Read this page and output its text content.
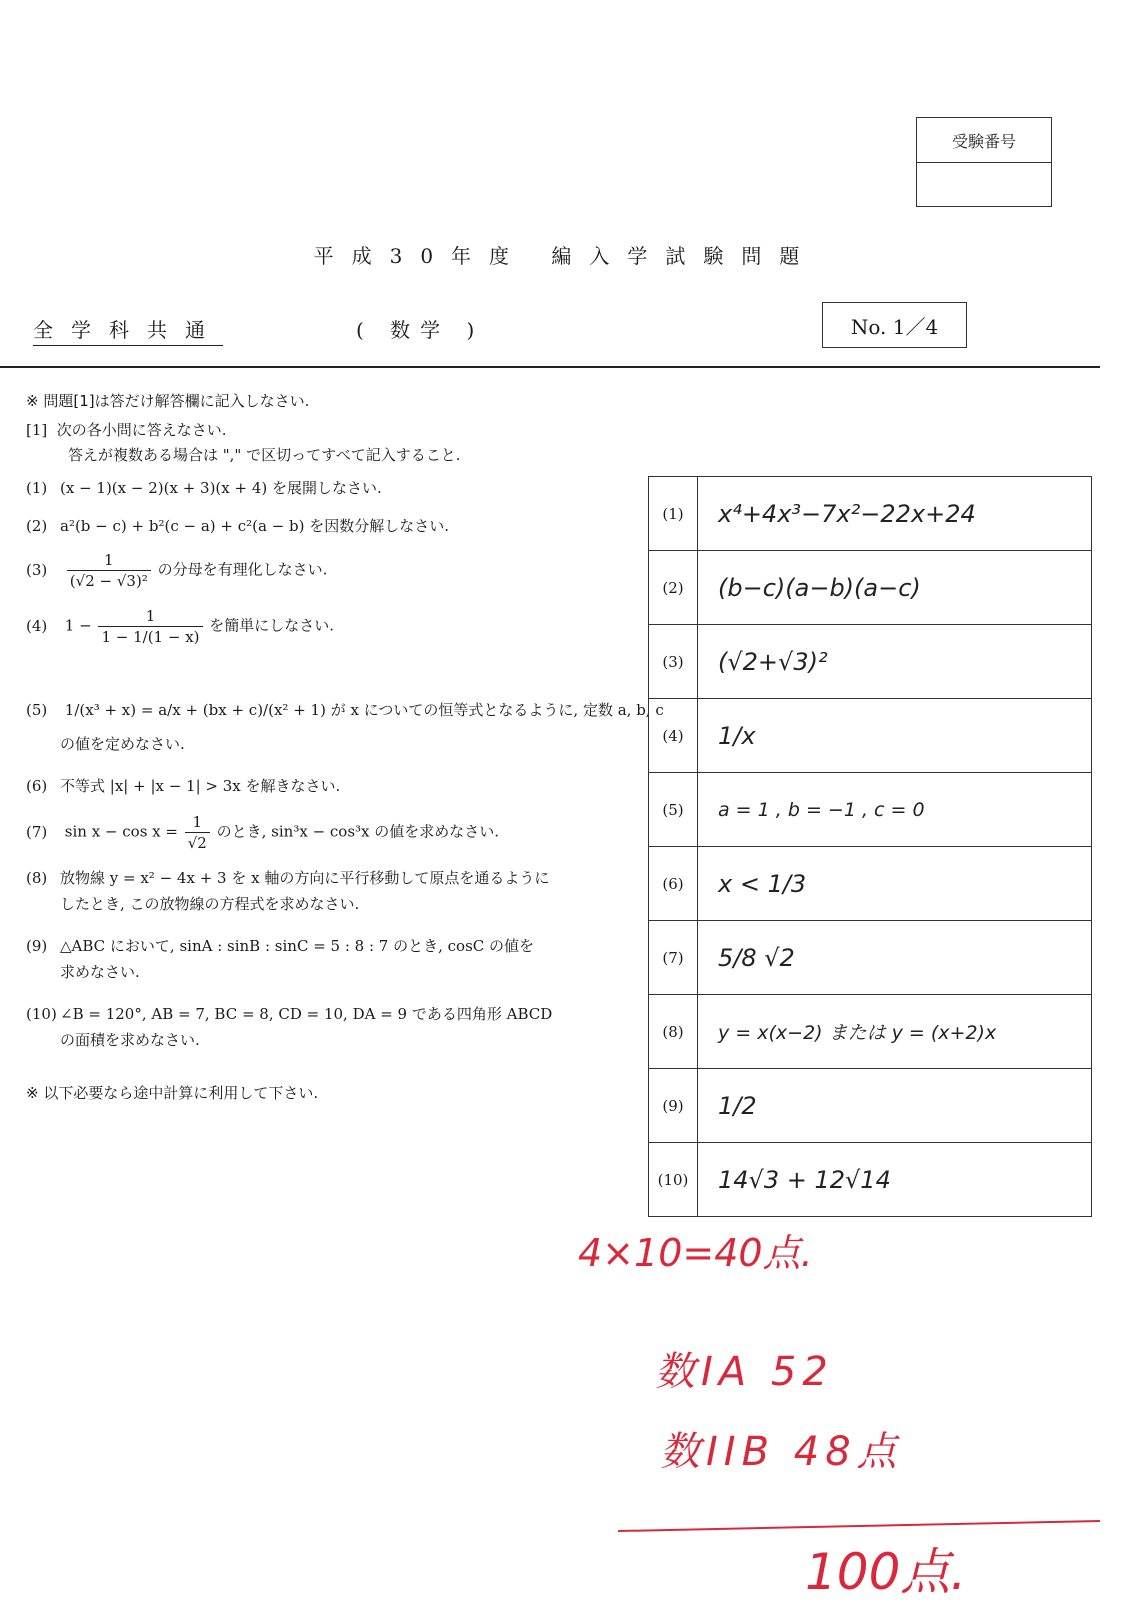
受験番号
平成30年度 編入学試験問題
全学科共通	( 数学 )	No. 1／4
※ 問題[1]は答だけ解答欄に記入しなさい.
[1] 次の各小問に答えなさい.
答えが複数ある場合は "," で区切ってすべて記入すること.
(1) (x − 1)(x − 2)(x + 3)(x + 4) を展開しなさい.
(2) a²(b − c) + b²(c − a) + c²(a − b) を因数分解しなさい.
$(3) \frac{1}{\text{(√2 − √3)²}}$ の分母を有理化しなさい.
(4) $1 - \frac{1}{1 - 1/(1 - x)}$ を簡単にしなさい.
(5) 1/(x³ + x) = a/x + (bx + c)/(x² + 1) が x についての恒等式となるように, 定数 a, b, c
の値を定めなさい.
(6) 不等式 |x| + |x − 1| > 3x を解きなさい.
(7) $\sin x - \cos x = \frac{1}{√2}$ のとき, sin³x − cos³x の値を求めなさい.
(8) 放物線 y = x² − 4x + 3 を x 軸の方向に平行移動して原点を通るように
したとき, この放物線の方程式を求めなさい.
(9) △ABC において, sinA : sinB : sinC = 5 : 8 : 7 のとき, cosC の値を
求めなさい.
(10) ∠B = 120°, AB = 7, BC = 8, CD = 10, DA = 9 である四角形 ABCD
の面積を求めなさい.
※ 以下必要なら途中計算に利用して下さい.
(1)	x⁴+4x³−7x²−22x+24
(2)	(b−c)(a−b)(a−c)
(3)	(√2+√3)²
(4)	1/x
(5)	a = 1 , b = −1 , c = 0
(6)	x < 1/3
(7)	5/8 √2
(8)	y = x(x−2) または y = (x+2)x
(9)	1/2
(10)	14√3 + 12√14
4×10=40点.
数IA 52
数IIB 48点
100点.
